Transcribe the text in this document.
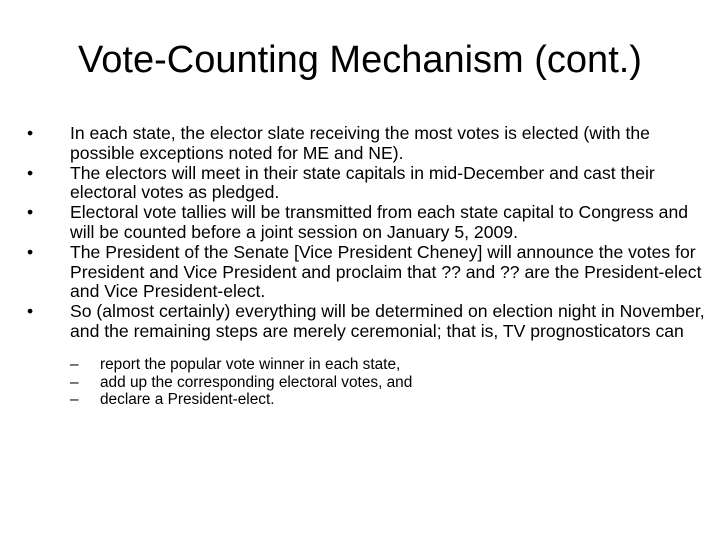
Vote-Counting Mechanism (cont.)
•	In each state, the elector slate receiving the most votes is elected (with the possible exceptions noted for ME and NE).
•	The electors will meet in their state capitals in mid-December and cast their electoral votes as pledged.
•	Electoral vote tallies will be transmitted from each state capital to Congress and will be counted before a joint session on January 5, 2009.
•	The President of the Senate [Vice President Cheney] will announce the votes for President and Vice President and proclaim that ?? and ?? are the President-elect and Vice President-elect.
•	So (almost certainly) everything will be determined on election night in November, and the remaining steps are merely ceremonial; that is, TV prognosticators can
– report the popular vote winner in each state,
– add up the corresponding electoral votes, and
– declare a President-elect.
